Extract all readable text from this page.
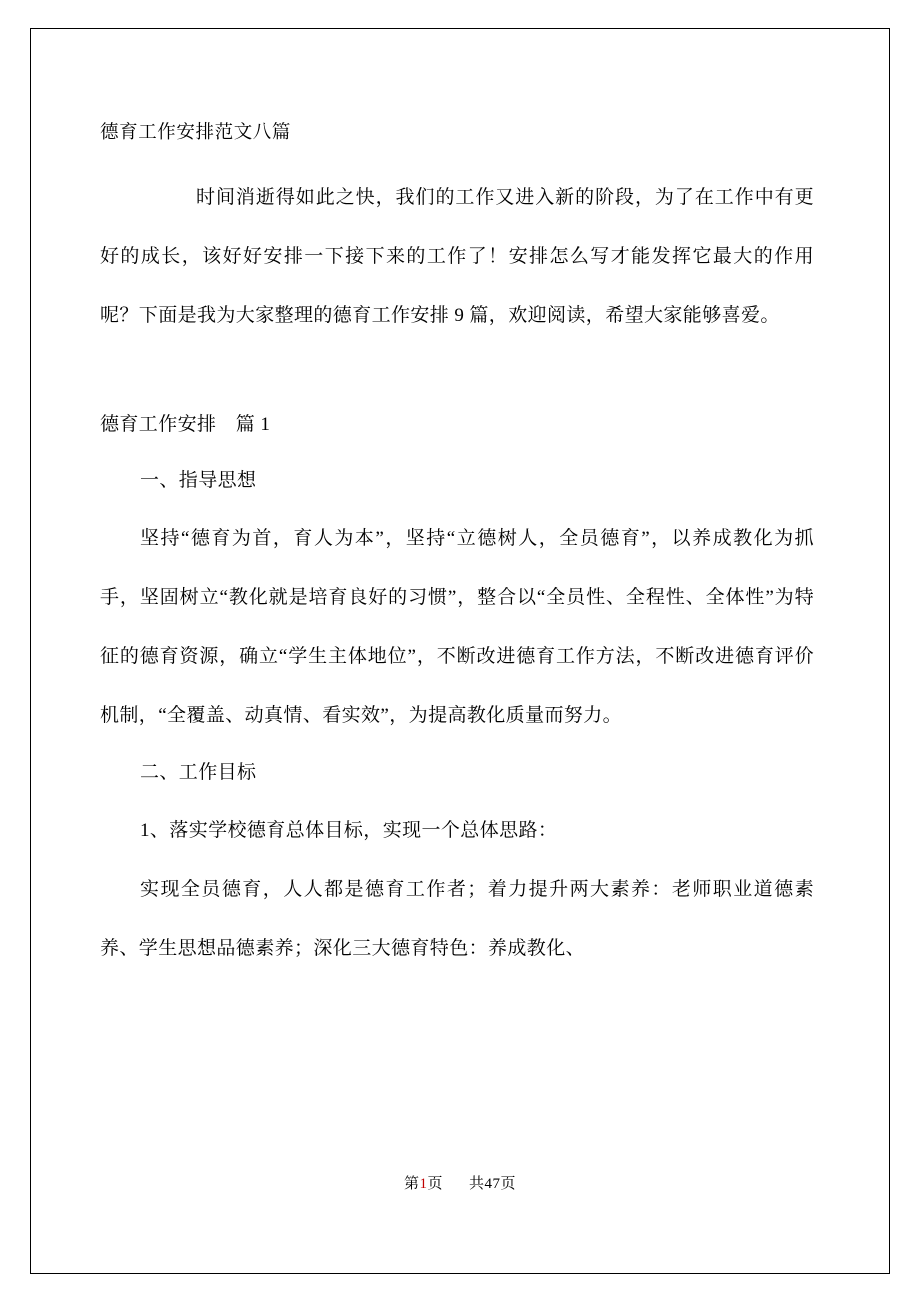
德育工作安排范文八篇

时间消逝得如此之快，我们的工作又进入新的阶段，为了在工作中有更好的成长，该好好安排一下接下来的工作了！安排怎么写才能发挥它最大的作用呢？下面是我为大家整理的德育工作安排 9 篇，欢迎阅读，希望大家能够喜爱。

德育工作安排　篇 1
一、指导思想

坚持“德育为首，育人为本”，坚持“立德树人，全员德育”，以养成教化为抓手，坚固树立“教化就是培育良好的习惯”，整合以“全员性、全程性、全体性”为特征的德育资源，确立“学生主体地位”，不断改进德育工作方法，不断改进德育评价机制，“全覆盖、动真情、看实效”，为提高教化质量而努力。

二、工作目标

1、落实学校德育总体目标，实现一个总体思路：

实现全员德育，人人都是德育工作者；着力提升两大素养：老师职业道德素养、学生思想品德素养；深化三大德育特色：养成教化、

第1页 共47页
